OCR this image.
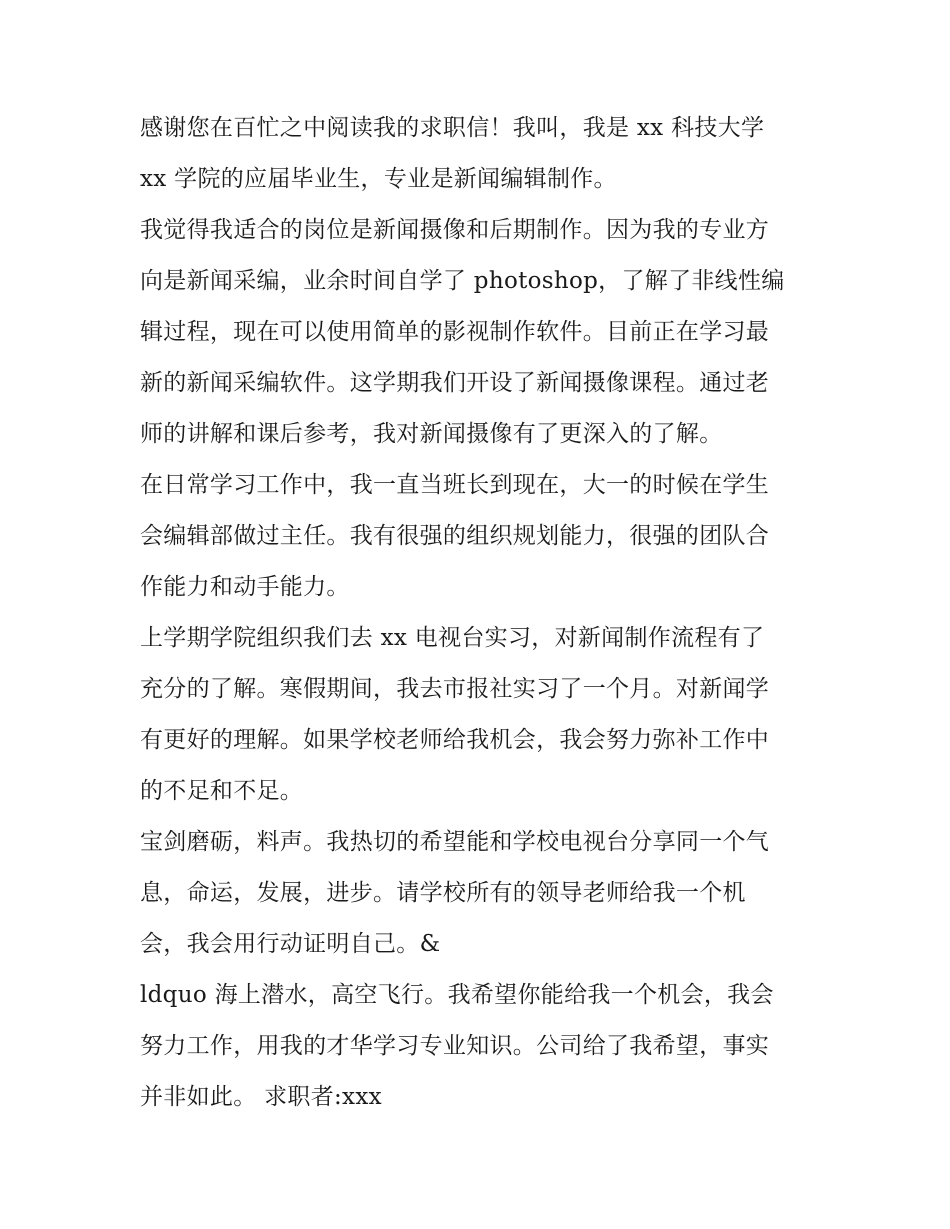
感谢您在百忙之中阅读我的求职信！我叫，我是 xx 科技大学
xx 学院的应届毕业生，专业是新闻编辑制作。
我觉得我适合的岗位是新闻摄像和后期制作。因为我的专业方
向是新闻采编，业余时间自学了 photoshop，了解了非线性编
辑过程，现在可以使用简单的影视制作软件。目前正在学习最
新的新闻采编软件。这学期我们开设了新闻摄像课程。通过老
师的讲解和课后参考，我对新闻摄像有了更深入的了解。
在日常学习工作中，我一直当班长到现在，大一的时候在学生
会编辑部做过主任。我有很强的组织规划能力，很强的团队合
作能力和动手能力。
上学期学院组织我们去 xx 电视台实习，对新闻制作流程有了
充分的了解。寒假期间，我去市报社实习了一个月。对新闻学
有更好的理解。如果学校老师给我机会，我会努力弥补工作中
的不足和不足。
宝剑磨砺，料声。我热切的希望能和学校电视台分享同一个气
息，命运，发展，进步。请学校所有的领导老师给我一个机
会，我会用行动证明自己。&
ldquo 海上潜水，高空飞行。我希望你能给我一个机会，我会
努力工作，用我的才华学习专业知识。公司给了我希望，事实
并非如此。 求职者:xxx
